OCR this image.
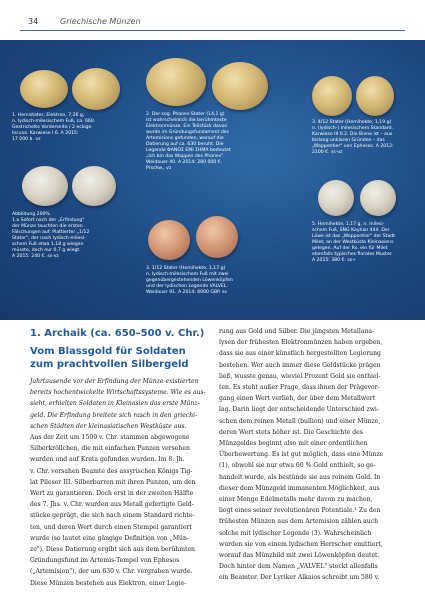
34	Griechische Münzen
1. Hemistater, Elektron, 7,26 g,
n. lydisch-milesischem Fuß, ca. 660.
Gestrichelte Vorderseite / 2 eckige
Incusa. Karwiese I.6. A 2015:
17 000 $. vz
2. Der sog. Phanes-Stater (14,1 g)
ist wahrscheinlich die berühmteste
Elektronmünze. Ein Teilstück davon
wurde im Gründungsfundament des
Artemisions gefunden, worauf die
Datierung auf ca. 630 beruht. Die
Legende ΦANOΣ EMI ΣHMA bedeutet
„Ich bin das Wappen des Phanes".
Weidauer 40. A 2014: 280 000 €.
Prschw., vz
3. 4/12 Stater (Hemihekte, 1,19 g)
n. (lydisch-) milesischem Standard.
Karwiese III 0.2. Die Biene ist – aus
bislang unklaren Gründen – das
„Wappentier" von Ephesos. A 2012:
2100 €. ss-vz
Abbildung 200%
1.a Sofort nach der „Erfindung"
der Münze tauchten die ersten
Fälschungen auf: Plattierter „1/12
Stater", der nach lydisch-milesi-
schem Fuß etwa 1,18 g wiegen
müsste, doch nur 0,7 g wiegt.
A 2015: 240 €. ss-vz
5. Hemihekte, 1,17 g, n. milesi-
schem Fuß, SNG Kayhan 444. Der
Löwe ist das „Wappentier" der Stadt
Milet, an der Westküste Kleinasiens
gelegen. Auf der Rs. ein für Milet
ebenfalls typisches florales Muster.
A 2015: 380 €. ss+
3. 1/12 Stater (Hemihekte, 1,17 g)
n. lydisch-milesischem Fuß mit zwei
gegenübergestehenden Löwenköpfen
und der lydischen Legende VALVEL.
Weidauer 91. A 2014: 6000 GBP. ss
1. Archaik (ca. 650–500 v. Chr.)
Vom Blassgold für Soldaten
zum prachtvollen Silbergeld
Jahrtausende vor der Erfindung der Münze existierten
bereits hochentwickelte Wirtschaftssysteme. Wie es aus-
sieht, erhielten Soldaten in Kleinasien das erste Münz-
geld. Die Erfindung breitete sich rasch in den griechi-
schen Städten der kleinasiatischen Westküste aus.
Aus der Zeit um 1500 v. Chr. stammen abgewogene
Silberkröllchen, die mit einfachen Punzen versehen
wurden und auf Kreta gefunden wurden. Im 8. Jh.
v. Chr. versahen Beamte des assyrischen Königs Tig-
lat Pileser III. Silberbarren mit ihren Punzen, um den
Wert zu garantieren. Doch erst in der zweiten Hälfte
des 7. Jhs. v. Chr. wurden aus Metall gefertigte Geld-
stücke geprägt, die sich nach einem Standard richte-
ten, und deren Wert durch einen Stempel garantiert
wurde (so lautet eine gängige Definition von „Mün-
ze"). Diese Datierung ergibt sich aus dem berühmten
Gründungsfund im Artemis-Tempel von Ephesos
(„Artemision"), der um 630 v. Chr. vergraben wurde.
Diese Münzen bestehen aus Elektron, einer Legie-
rung aus Gold und Silber. Die jüngsten Metallana-
lysen der frühesten Elektronmünzen haben ergeben,
dass sie aus einer künstlich hergestellten Legierung
bestehen. Wer auch immer diese Geldstücke prägen
ließ, wusste genau, wieviel Prozent Gold sie enthiel-
ten. Es steht außer Frage, dass ihnen der Prägevor-
gang einen Wert verlieh, der über dem Metallwert
lag. Darin liegt der entscheidende Unterschied zwi-
schen dem reinen Metall (bullion) und einer Münze,
deren Wert stets höher ist. Die Geschichte des
Münzgeldes beginnt also mit einer ordentlichen
Überbewertung. Es ist gut möglich, dass eine Münze
(1), obwohl sie nur etwa 60 % Gold enthielt, so ge-
handelt wurde, als bestünde sie aus reinem Gold. In
dieser dem Münzgeld immanenten Möglichkeit, aus
einer Menge Edelmetalls mehr davon zu machen,
liegt eines seiner revolutionären Potentiale.¹ Zu den
frühesten Münzen aus dem Artemision zählen auch
solche mit lydischer Legende (3). Wahrscheinlich
wurden sie von einem lydischen Herrscher emittiert,
worauf das Münzbild mit zwei Löwenköpfen deutet.
Doch hinter dem Namen „VALVEL" steckt allenfalls
ein Beamter. Der Lyriker Alkaios schreibt um 580 v.
